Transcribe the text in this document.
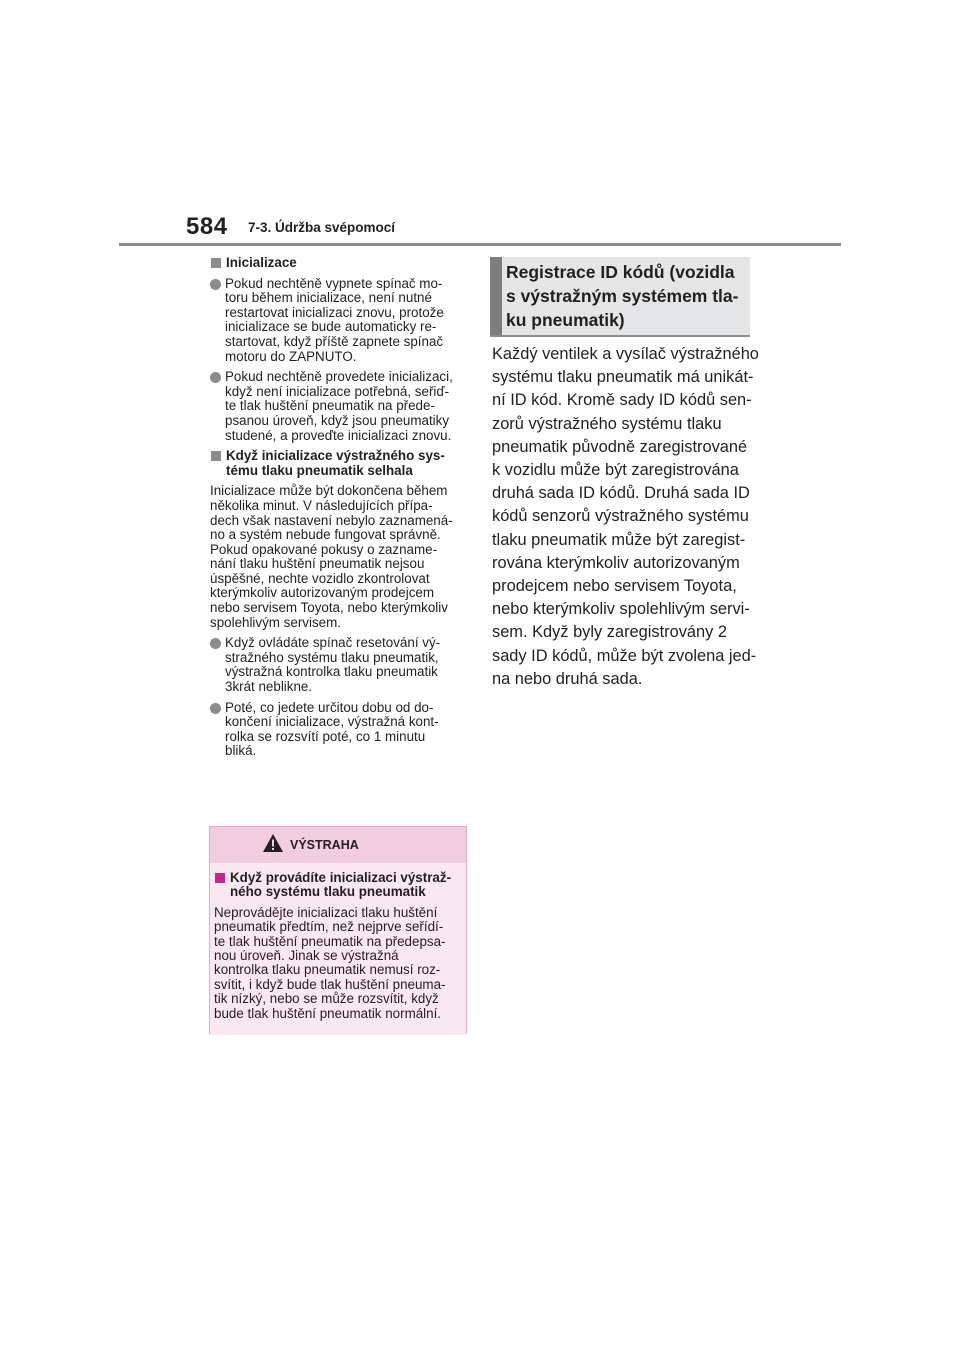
584 7-3. Údržba svépomocí
Inicializace
Pokud nechtěně vypnete spínač mo-
toru během inicializace, není nutné
restartovat inicializaci znovu, protože
inicializace se bude automaticky re-
startovat, když příště zapnete spínač
motoru do ZAPNUTO.
Pokud nechtěně provedete inicializaci,
když není inicializace potřebná, seřiď-
te tlak huštění pneumatik na přede-
psanou úroveň, když jsou pneumatiky
studené, a proveďte inicializaci znovu.
Když inicializace výstražného sys-
tému tlaku pneumatik selhala
Inicializace může být dokončena během
několika minut. V následujících přípa-
dech však nastavení nebylo zaznamená-
no a systém nebude fungovat správně.
Pokud opakované pokusy o zazname-
nání tlaku huštění pneumatik nejsou
úspěšné, nechte vozidlo zkontrolovat
kterýmkoliv autorizovaným prodejcem
nebo servisem Toyota, nebo kterýmkoliv
spolehlivým servisem.
Když ovládáte spínač resetování vý-
stražného systému tlaku pneumatik,
výstražná kontrolka tlaku pneumatik
3krát neblikne.
Poté, co jedete určitou dobu od do-
končení inicializace, výstražná kont-
rolka se rozsvítí poté, co 1 minutu
bliká.
VÝSTRAHA
Když provádíte inicializaci výstraž-
ného systému tlaku pneumatik
Neprovádějte inicializaci tlaku huštění
pneumatik předtím, než nejprve seřídí-
te tlak huštění pneumatik na předepsa-
nou úroveň. Jinak se výstražná
kontrolka tlaku pneumatik nemusí roz-
svítit, i když bude tlak huštění pneuma-
tik nízký, nebo se může rozsvítit, když
bude tlak huštění pneumatik normální.
Registrace ID kódů (vozidla
s výstražným systémem tla-
ku pneumatik)
Každý ventilek a vysílač výstražného
systému tlaku pneumatik má unikát-
ní ID kód. Kromě sady ID kódů sen-
zorů výstražného systému tlaku
pneumatik původně zaregistrované
k vozidlu může být zaregistrována
druhá sada ID kódů. Druhá sada ID
kódů senzorů výstražného systému
tlaku pneumatik může být zaregist-
rována kterýmkoliv autorizovaným
prodejcem nebo servisem Toyota,
nebo kterýmkoliv spolehlivým servi-
sem. Když byly zaregistrovány 2
sady ID kódů, může být zvolena jed-
na nebo druhá sada.
